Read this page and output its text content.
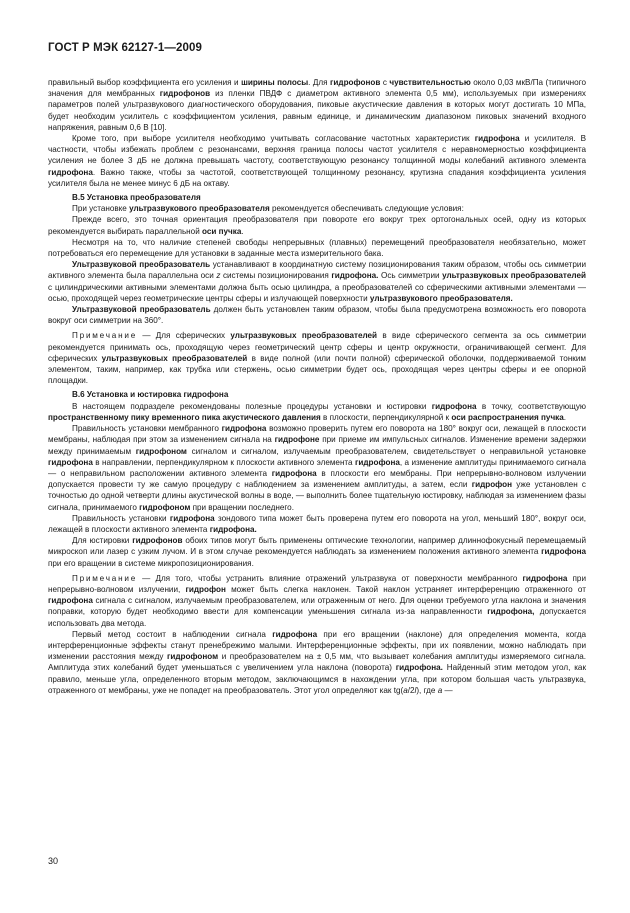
ГОСТ Р МЭК 62127-1—2009

правильный выбор коэффициента его усиления и ширины полосы. Для гидрофонов с чувствительностью около 0,03 мкВ/Па (типичного значения для мембранных гидрофонов из пленки ПВДФ с диаметром активного элемента 0,5 мм), используемых при измерениях параметров полей ультразвукового диагностического оборудования, пиковые акустические давления в которых могут достигать 10 МПа, будет необходим усилитель с коэффициентом усиления, равным единице, и динамическим диапазоном пиковых значений входного напряжения, равным 0,6 В [10].

Кроме того, при выборе усилителя необходимо учитывать согласование частотных характеристик гидрофона и усилителя. В частности, чтобы избежать проблем с резонансами, верхняя граница полосы частот усилителя с неравномерностью коэффициента усиления не более 3 дБ не должна превышать частоту, соответствующую резонансу толщинной моды колебаний активного элемента гидрофона. Важно также, чтобы за частотой, соответствующей толщинному резонансу, крутизна спадания коэффициента усиления усилителя была не менее минус 6 дБ на октаву.

В.5 Установка преобразователя

При установке ультразвукового преобразователя рекомендуется обеспечивать следующие условия:

Прежде всего, это точная ориентация преобразователя при повороте его вокруг трех ортогональных осей, одну из которых рекомендуется выбирать параллельной оси пучка.

Несмотря на то, что наличие степеней свободы непрерывных (плавных) перемещений преобразователя необязательно, может потребоваться его перемещение для установки в заданные места измерительного бака.

Ультразвуковой преобразователь устанавливают в координатную систему позиционирования таким образом, чтобы ось симметрии активного элемента была параллельна оси z системы позиционирования гидрофона. Ось симметрии ультразвуковых преобразователей с цилиндрическими активными элементами должна быть осью цилиндра, а преобразователей со сферическими активными элементами — осью, проходящей через геометрические центры сферы и излучающей поверхности ультразвукового преобразователя.

Ультразвуковой преобразователь должен быть установлен таким образом, чтобы была предусмотрена возможность его поворота вокруг оси симметрии на 360°.

Примечание — Для сферических ультразвуковых преобразователей в виде сферического сегмента за ось симметрии рекомендуется принимать ось, проходящую через геометрический центр сферы и центр окружности, ограничивающей сегмент. Для сферических ультразвуковых преобразователей в виде полной (или почти полной) сферической оболочки, поддерживаемой тонким элементом, таким, например, как трубка или стержень, осью симметрии будет ось, проходящая через центры сферы и ее опорной площадки.

В.6 Установка и юстировка гидрофона

В настоящем подразделе рекомендованы полезные процедуры установки и юстировки гидрофона в точку, соответствующую пространственному пику временного пика акустического давления в плоскости, перпендикулярной к оси распространения пучка.

Правильность установки мембранного гидрофона возможно проверить путем его поворота на 180° вокруг оси, лежащей в плоскости мембраны, наблюдая при этом за изменением сигнала на гидрофоне при приеме им импульсных сигналов. Изменение времени задержки между принимаемым гидрофоном сигналом и сигналом, излучаемым преобразователем, свидетельствует о неправильной установке гидрофона в направлении, перпендикулярном к плоскости активного элемента гидрофона, а изменение амплитуды принимаемого сигнала — о неправильном расположении активного элемента гидрофона в плоскости его мембраны. При непрерывно-волновом излучении допускается провести ту же самую процедуру с наблюдением за изменением амплитуды, а затем, если гидрофон уже установлен с точностью до одной четверти длины акустической волны в воде, — выполнить более тщательную юстировку, наблюдая за изменением фазы сигнала, принимаемого гидрофоном при вращении последнего.

Правильность установки гидрофона зондового типа может быть проверена путем его поворота на угол, меньший 180°, вокруг оси, лежащей в плоскости активного элемента гидрофона.

Для юстировки гидрофонов обоих типов могут быть применены оптические технологии, например длиннофокусный перемещаемый микроскоп или лазер с узким лучом. И в этом случае рекомендуется наблюдать за изменением положения активного элемента гидрофона при его вращении в системе микропозиционирования.

Примечание — Для того, чтобы устранить влияние отражений ультразвука от поверхности мембранного гидрофона при непрерывно-волновом излучении, гидрофон может быть слегка наклонен. Такой наклон устраняет интерференцию отраженного от гидрофона сигнала с сигналом, излучаемым преобразователем, или отраженным от него. Для оценки требуемого угла наклона и значения поправки, которую будет необходимо ввести для компенсации уменьшения сигнала из-за направленности гидрофона, допускается использовать два метода.

Первый метод состоит в наблюдении сигнала гидрофона при его вращении (наклоне) для определения момента, когда интерференционные эффекты станут пренебрежимо малыми. Интерференционные эффекты, при их появлении, можно наблюдать при изменении расстояния между гидрофоном и преобразователем на ± 0,5 мм, что вызывает колебания амплитуды измеряемого сигнала. Амплитуда этих колебаний будет уменьшаться с увеличением угла наклона (поворота) гидрофона. Найденный этим методом угол, как правило, меньше угла, определенного вторым методом, заключающимся в нахождении угла, при котором большая часть ультразвука, отраженного от мембраны, уже не попадет на преобразователь. Этот угол определяют как tg(a/2l), где a —

30
